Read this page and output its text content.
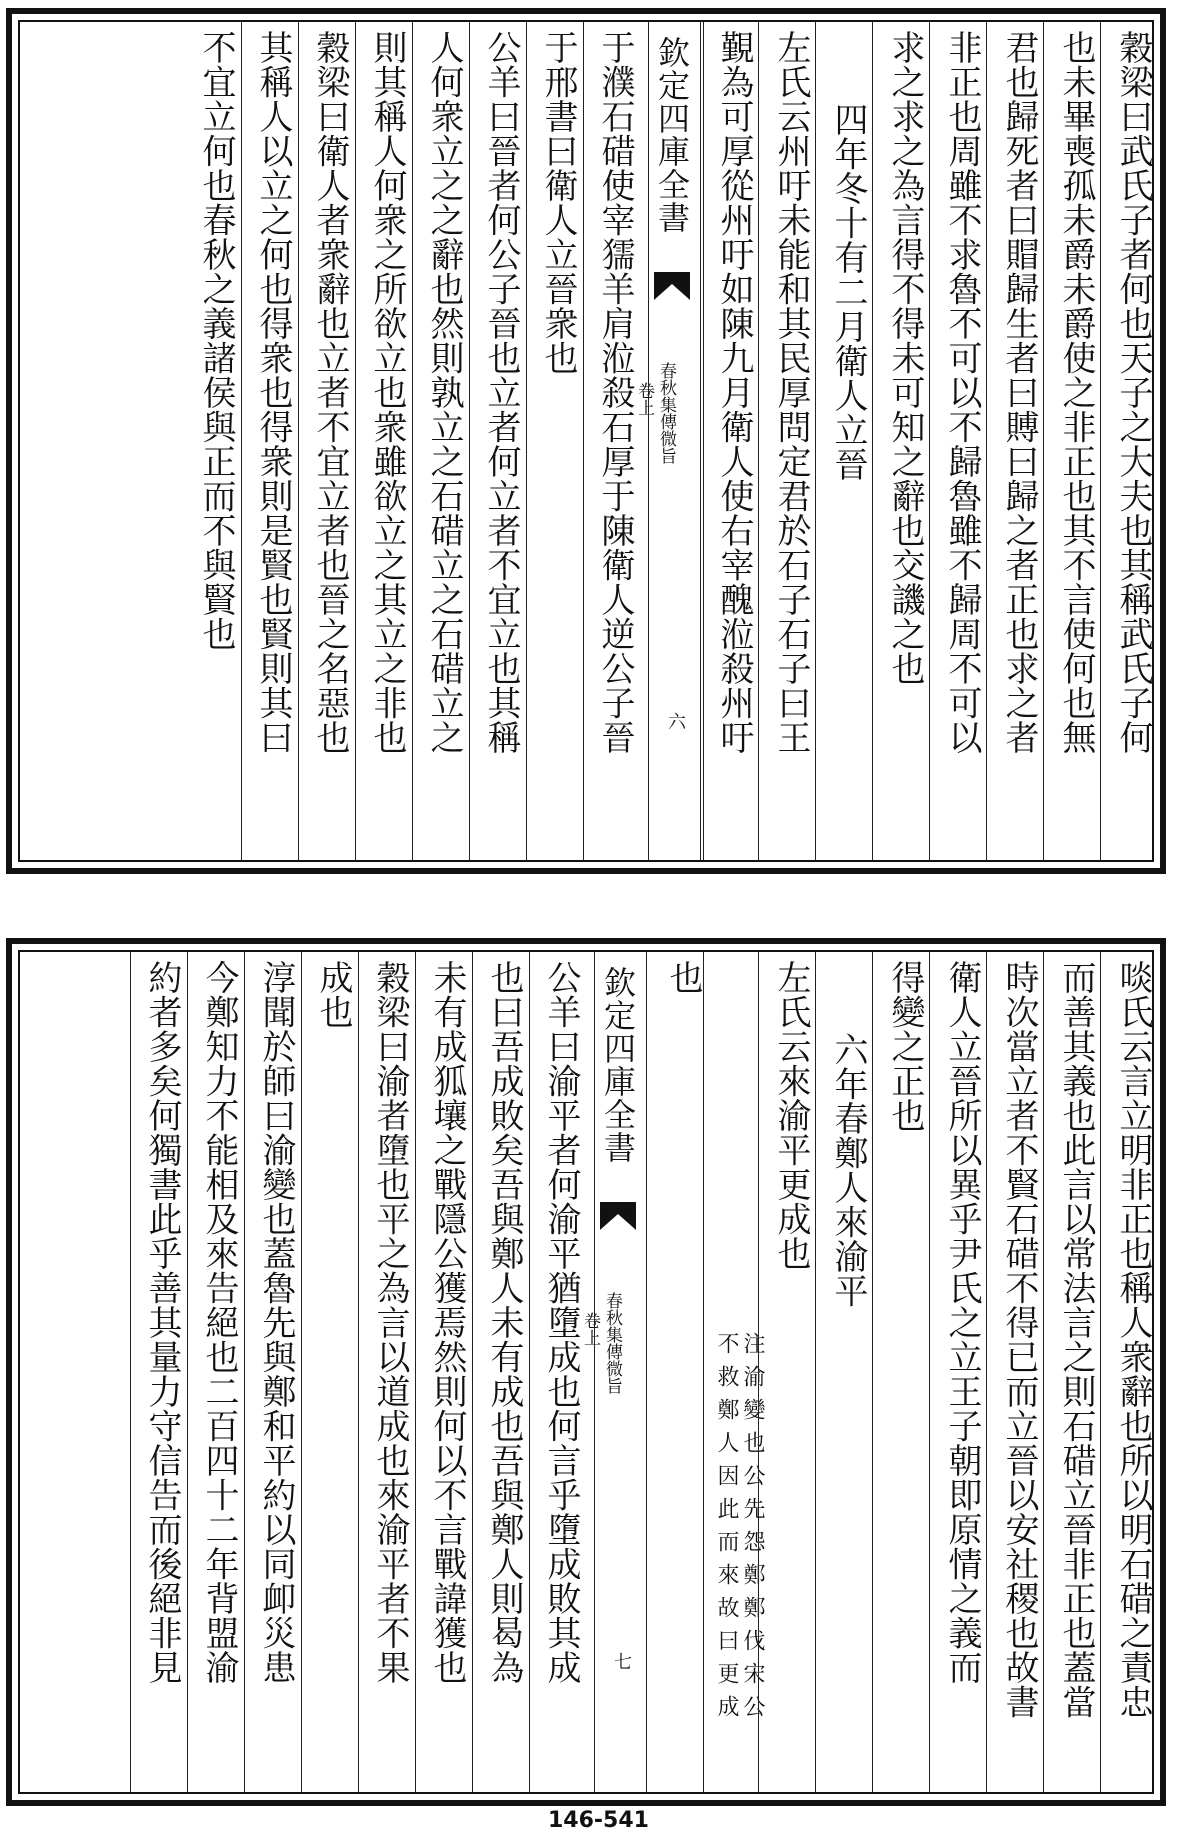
穀梁曰武氏子者何也天子之大夫也其稱武氏子何
也未畢喪孤未爵未爵使之非正也其不言使何也無
君也歸死者曰賵歸生者曰賻曰歸之者正也求之者
非正也周雖不求魯不可以不歸魯雖不歸周不可以
求之求之為言得不得未可知之辭也交譏之也
四年冬十有二月衛人立晉
左氏云州吁未能和其民厚問定君於石子石子曰王
覲為可厚從州吁如陳九月衛人使右宰醜涖殺州吁
欽定四庫全書
春秋集傳微旨
卷上
六
于濮石碏使宰獳羊肩涖殺石厚于陳衛人逆公子晉
于邢書曰衛人立晉衆也
公羊曰晉者何公子晉也立者何立者不宜立也其稱
人何衆立之之辭也然則孰立之石碏立之石碏立之
則其稱人何衆之所欲立也衆雖欲立之其立之非也
穀梁曰衛人者衆辭也立者不宜立者也晉之名惡也
其稱人以立之何也得衆也得衆則是賢也賢則其曰
不宜立何也春秋之義諸侯與正而不與賢也
啖氏云言立明非正也稱人衆辭也所以明石碏之責忠
而善其義也此言以常法言之則石碏立晉非正也蓋當
時次當立者不賢石碏不得已而立晉以安社稷也故書
衛人立晉所以異乎尹氏之立王子朝即原情之義而
得變之正也
六年春鄭人來渝平
左氏云來渝平更成也
注渝變也公先怨鄭鄭伐宋公
不救鄭人因此而來故曰更成
也
欽定四庫全書
春秋集傳微旨
卷上
七
公羊曰渝平者何渝平猶墮成也何言乎墮成敗其成
也曰吾成敗矣吾與鄭人未有成也吾與鄭人則曷為
未有成狐壤之戰隱公獲焉然則何以不言戰諱獲也
穀梁曰渝者墮也平之為言以道成也來渝平者不果
成也
淳聞於師曰渝變也蓋魯先與鄭和平約以同卹災患
今鄭知力不能相及來告絕也二百四十二年背盟渝
約者多矣何獨書此乎善其量力守信告而後絕非見
146-541
